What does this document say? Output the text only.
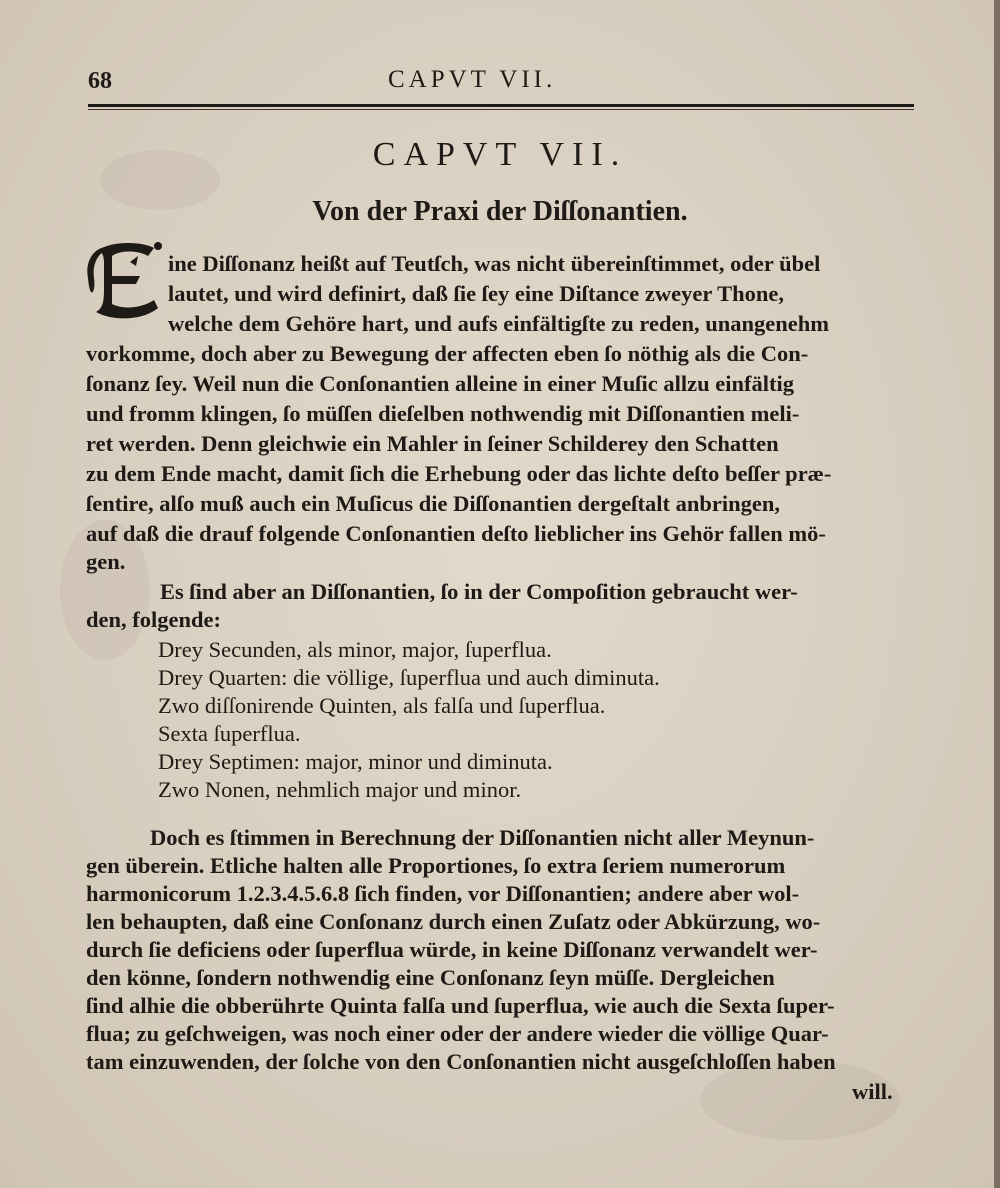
68	CAPVT VII.
CAPVT VII.
Von der Praxi der Diſſonantien.
E
ine Diſſonanz heißt auf Teutſch, was nicht übereinſtimmet, oder übel
lautet, und wird definirt, daß ſie ſey eine Diſtance zweyer Thone,
welche dem Gehöre hart, und aufs einfältigſte zu reden, unangenehm
vorkomme, doch aber zu Bewegung der affecten eben ſo nöthig als die Con-
ſonanz ſey. Weil nun die Conſonantien alleine in einer Muſic allzu einfältig
und fromm klingen, ſo müſſen dieſelben nothwendig mit Diſſonantien meli-
ret werden. Denn gleichwie ein Mahler in ſeiner Schilderey den Schatten
zu dem Ende macht, damit ſich die Erhebung oder das lichte deſto beſſer præ-
ſentire, alſo muß auch ein Muſicus die Diſſonantien dergeſtalt anbringen,
auf daß die drauf folgende Conſonantien deſto lieblicher ins Gehör fallen mö-
gen.
Es ſind aber an Diſſonantien, ſo in der Compoſition gebraucht wer-
den, folgende:
Drey Secunden, als minor, major, ſuperflua.
Drey Quarten: die völlige, ſuperflua und auch diminuta.
Zwo diſſonirende Quinten, als falſa und ſuperflua.
Sexta ſuperflua.
Drey Septimen: major, minor und diminuta.
Zwo Nonen, nehmlich major und minor.
Doch es ſtimmen in Berechnung der Diſſonantien nicht aller Meynun-
gen überein. Etliche halten alle Proportiones, ſo extra ſeriem numerorum
harmonicorum 1.2.3.4.5.6.8 ſich finden, vor Diſſonantien; andere aber wol-
len behaupten, daß eine Conſonanz durch einen Zuſatz oder Abkürzung, wo-
durch ſie deficiens oder ſuperflua würde, in keine Diſſonanz verwandelt wer-
den könne, ſondern nothwendig eine Conſonanz ſeyn müſſe. Dergleichen
ſind alhie die obberührte Quinta falſa und ſuperflua, wie auch die Sexta ſuper-
flua; zu geſchweigen, was noch einer oder der andere wieder die völlige Quar-
tam einzuwenden, der ſolche von den Conſonantien nicht ausgeſchloſſen haben
will.
